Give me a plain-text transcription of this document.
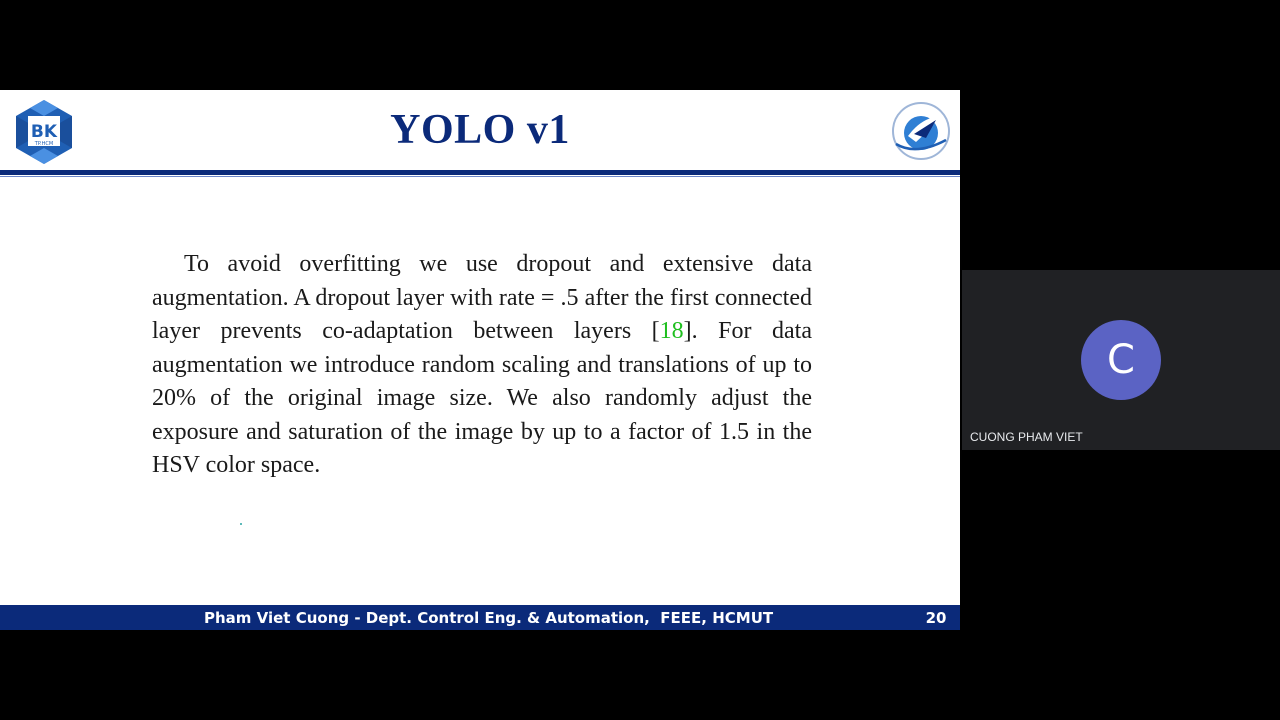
BK
TP.HCM	YOLO v1

To avoid overfitting we use dropout and extensive data augmentation. A dropout layer with rate = .5 after the first connected layer prevents co-adaptation between layers [18]. For data augmentation we introduce random scaling and translations of up to 20% of the original image size. We also randomly adjust the exposure and saturation of the image by up to a factor of 1.5 in the HSV color space.

Pham Viet Cuong - Dept. Control Eng. & Automation,  FEEE, HCMUT	20
C
CUONG PHAM VIET
